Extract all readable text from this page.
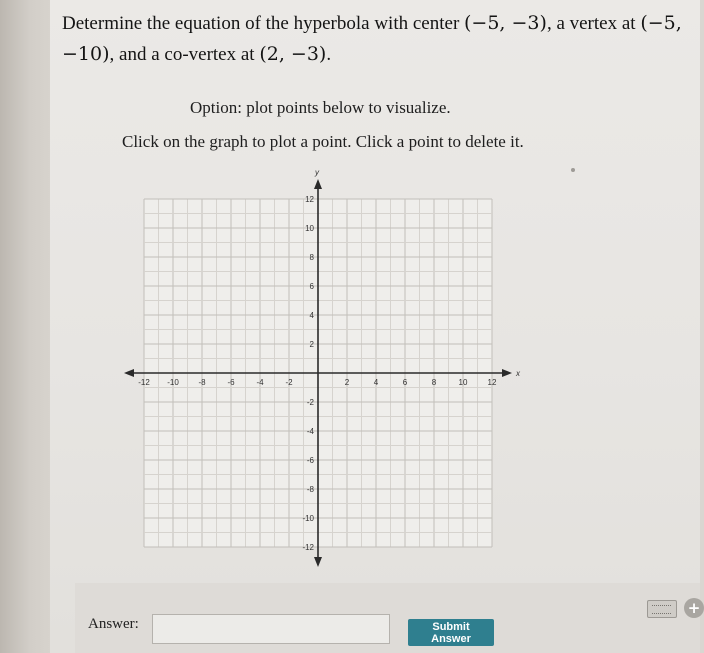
Determine the equation of the hyperbola with center (−5, −3), a vertex at (−5, −10), and a co-vertex at (2, −3).
Option: plot points below to visualize.
Click on the graph to plot a point. Click a point to delete it.
x
y
-12 -10 -8	-6	-4	-2	2	4	6	8	10	12
12
10
8
6
4
2
-2
-4
-6
-8
-10
-12
Answer:	Submit Answer
+
